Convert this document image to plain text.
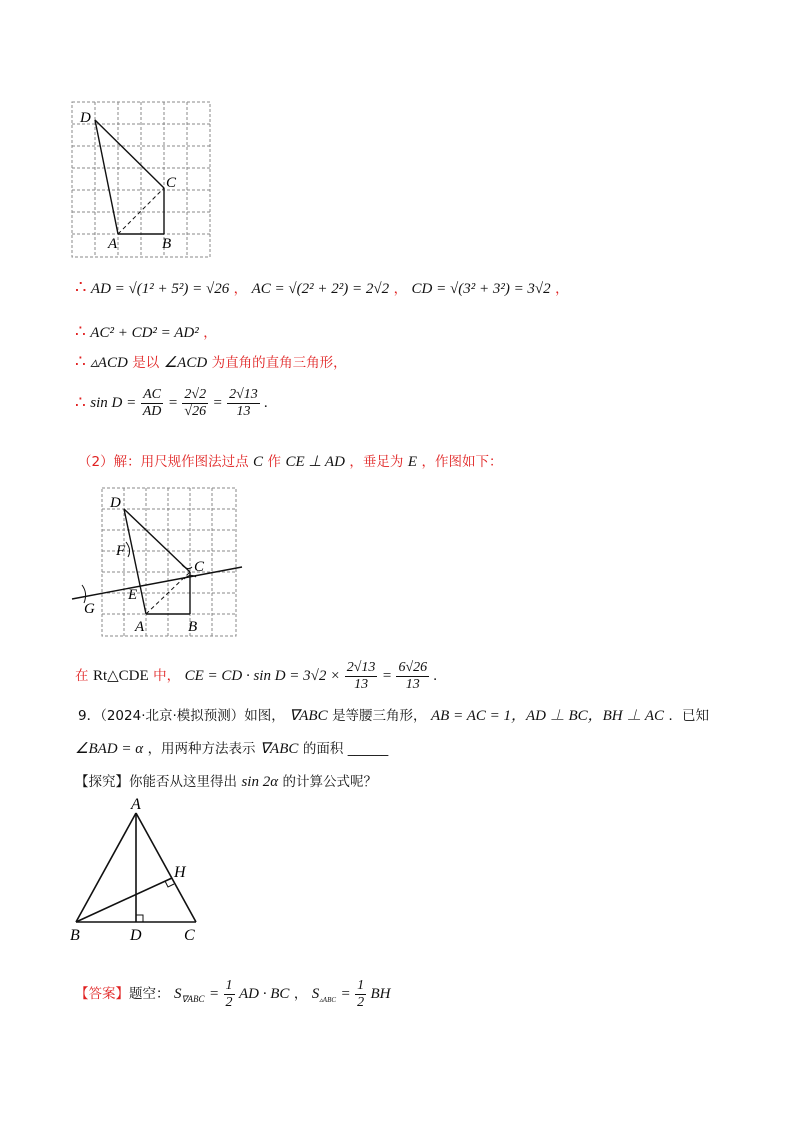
D
C
A	B
∴ AD = √(1² + 5²) = √26 ， AC = √(2² + 2²) = 2√2 ， CD = √(3² + 3²) = 3√2 ，
∴ AC² + CD² = AD² ，
∴ ▵ACD 是以 ∠ACD 为直角的直角三角形，
∴ $\sin D = \frac{AC}{AD} = \frac{2√2}{√26} = \frac{2√13}{13}$ .
（2）解：用尺规作图法过点 C 作 CE ⊥ AD ，垂足为 E ，作图如下：
D
F
C
E
G
A	B
在 Rt△CDE 中， CE = CD · $\sin D = 3√2 \times \frac{2√13}{13} = \frac{6√26}{13}$ .
9．（2024·北京·模拟预测）如图， ∇ABC 是等腰三角形， AB = AC = 1，AD ⊥ BC，BH ⊥ AC ．已知
∠BAD = α ，用两种方法表示 ∇ABC 的面积 ______
【探究】你能否从这里得出 sin 2α 的计算公式呢？
A
H
B	D	C
【答案】题空： $S_{\nabla ABC} = \frac{1}{2}$ AD · BC ， $S_{▵ABC} = \frac{1}{2}$ BH
